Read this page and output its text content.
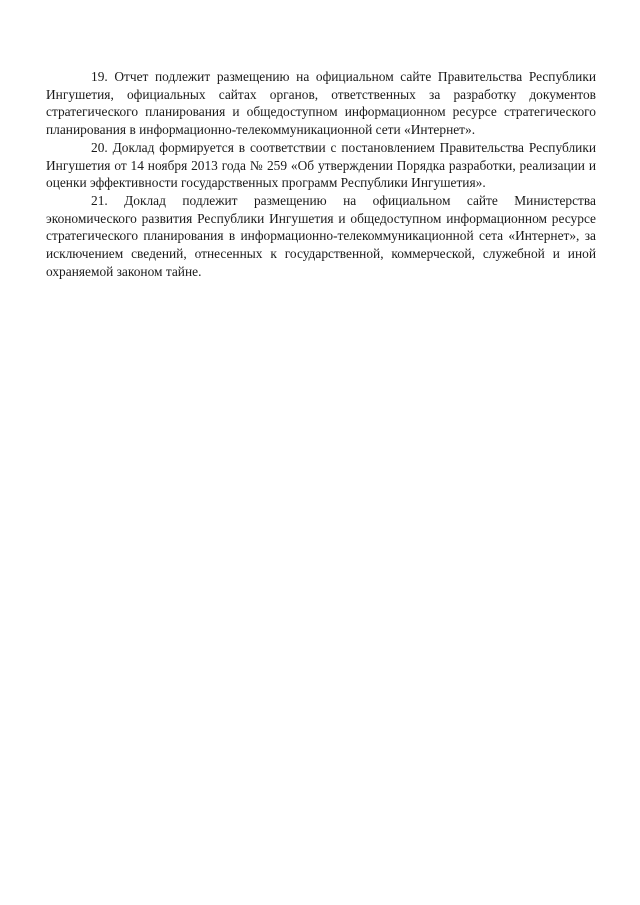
19. Отчет подлежит размещению на официальном сайте Правительства Республики Ингушетия, официальных сайтах органов, ответственных за разработку документов стратегического планирования и общедоступном информационном ресурсе стратегического планирования в информационно-телекоммуникационной сети «Интернет».

20. Доклад формируется в соответствии с постановлением Правительства Республики Ингушетия от 14 ноября 2013 года № 259 «Об утверждении Порядка разработки, реализации и оценки эффективности государственных программ Республики Ингушетия».

21. Доклад подлежит размещению на официальном сайте Министерства экономического развития Республики Ингушетия и общедоступном информационном ресурсе стратегического планирования в информационно-телекоммуникационной сета «Интернет», за исключением сведений, отнесенных к государственной, коммерческой, служебной и иной охраняемой законом тайне.
